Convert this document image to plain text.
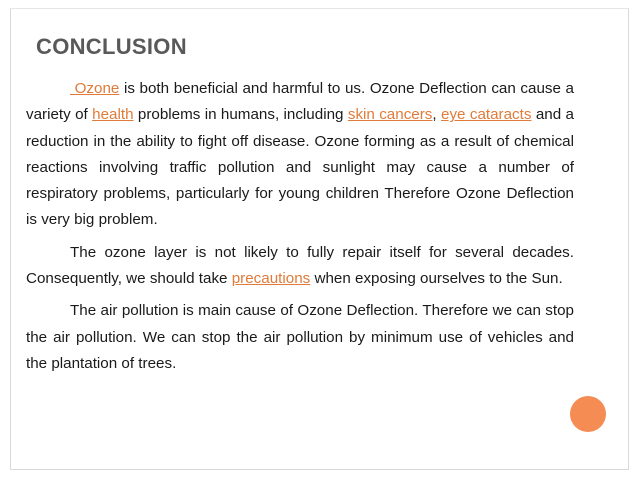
CONCLUSION

Ozone is both beneficial and harmful to us. Ozone Deflection can cause a variety of health problems in humans, including skin cancers, eye cataracts and a reduction in the ability to fight off disease. Ozone forming as a result of chemical reactions involving traffic pollution and sunlight may cause a number of respiratory problems, particularly for young children Therefore Ozone Deflection is very big problem.

The ozone layer is not likely to fully repair itself for several decades. Consequently, we should take precautions when exposing ourselves to the Sun.

The air pollution is main cause of Ozone Deflection. Therefore we can stop the air pollution. We can stop the air pollution by minimum use of vehicles and the plantation of trees.
